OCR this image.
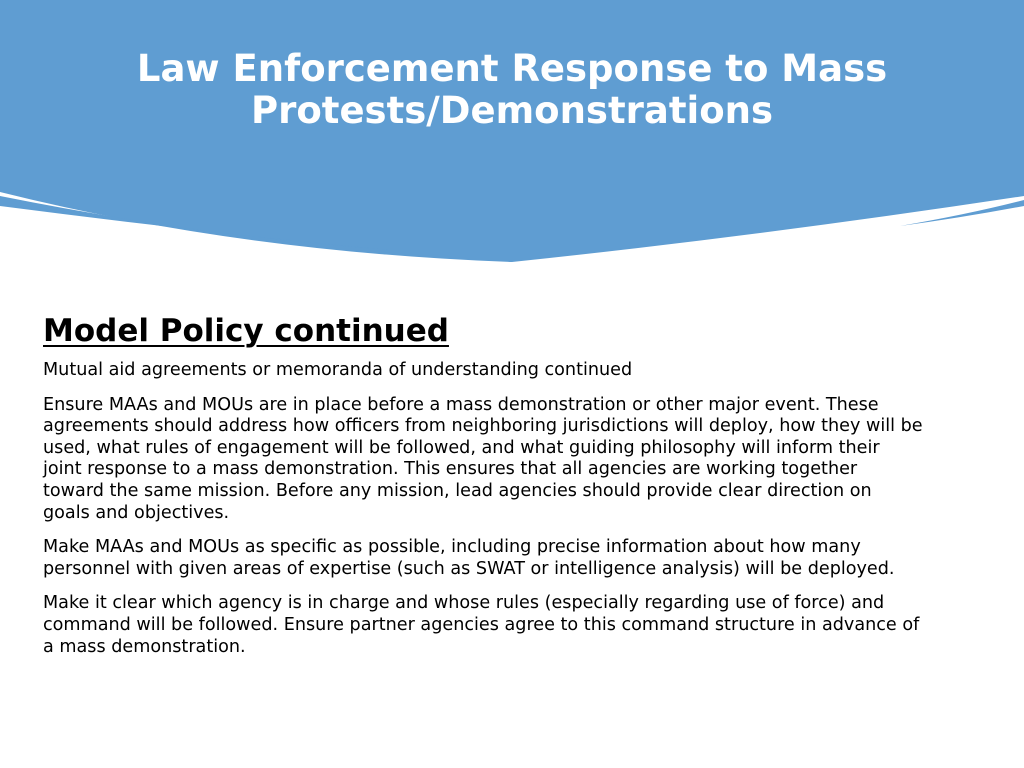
Law Enforcement Response to Mass Protests/Demonstrations
Model Policy continued

Mutual aid agreements or memoranda of understanding continued

Ensure MAAs and MOUs are in place before a mass demonstration or other major event. These agreements should address how officers from neighboring jurisdictions will deploy, how they will be used, what rules of engagement will be followed, and what guiding philosophy will inform their joint response to a mass demonstration. This ensures that all agencies are working together toward the same mission. Before any mission, lead agencies should provide clear direction on goals and objectives.

Make MAAs and MOUs as specific as possible, including precise information about how many personnel with given areas of expertise (such as SWAT or intelligence analysis) will be deployed.

Make it clear which agency is in charge and whose rules (especially regarding use of force) and command will be followed. Ensure partner agencies agree to this command structure in advance of a mass demonstration.
